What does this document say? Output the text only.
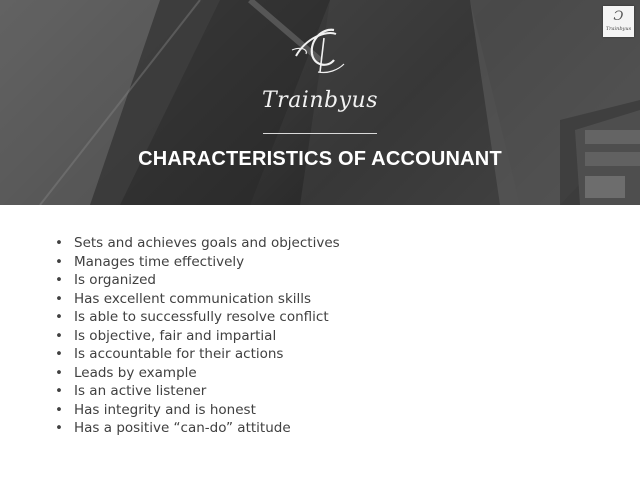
Trainbyus
CHARACTERISTICS OF ACCOUNANT
Ɔ
Trainbyus
• Sets and achieves goals and objectives
• Manages time effectively
• Is organized
• Has excellent communication skills
• Is able to successfully resolve conflict
• Is objective, fair and impartial
• Is accountable for their actions
• Leads by example
• Is an active listener
• Has integrity and is honest
• Has a positive “can-do” attitude
